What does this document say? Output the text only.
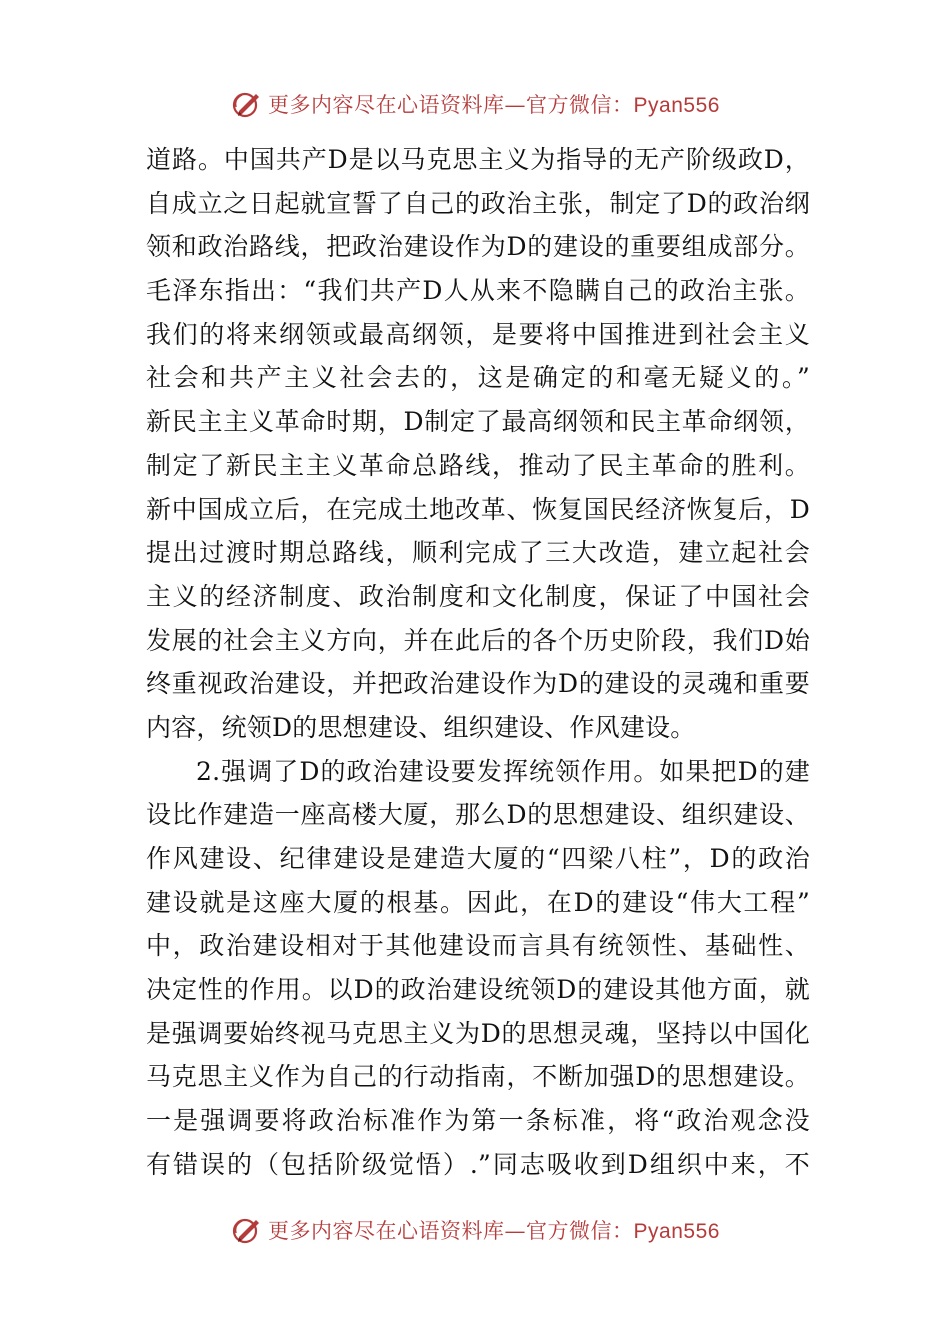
更多内容尽在心语资料库—官方微信：Pyan556
道路。中国共产D是以马克思主义为指导的无产阶级政D，
自成立之日起就宣誓了自己的政治主张，制定了D的政治纲
领和政治路线，把政治建设作为D的建设的重要组成部分。
毛泽东指出：“我们共产D人从来不隐瞒自己的政治主张。
我们的将来纲领或最高纲领，是要将中国推进到社会主义
社会和共产主义社会去的，这是确定的和毫无疑义的。”
新民主主义革命时期，D制定了最高纲领和民主革命纲领，
制定了新民主主义革命总路线，推动了民主革命的胜利。
新中国成立后，在完成土地改革、恢复国民经济恢复后，D
提出过渡时期总路线，顺利完成了三大改造，建立起社会
主义的经济制度、政治制度和文化制度，保证了中国社会
发展的社会主义方向，并在此后的各个历史阶段，我们D始
终重视政治建设，并把政治建设作为D的建设的灵魂和重要
内容，统领D的思想建设、组织建设、作风建设。
2.强调了D的政治建设要发挥统领作用。如果把D的建
设比作建造一座高楼大厦，那么D的思想建设、组织建设、
作风建设、纪律建设是建造大厦的“四梁八柱”，D的政治
建设就是这座大厦的根基。因此，在D的建设“伟大工程”
中，政治建设相对于其他建设而言具有统领性、基础性、
决定性的作用。以D的政治建设统领D的建设其他方面，就
是强调要始终视马克思主义为D的思想灵魂，坚持以中国化
马克思主义作为自己的行动指南，不断加强D的思想建设。
一是强调要将政治标准作为第一条标准，将“政治观念没
有错误的（包括阶级觉悟）.”同志吸收到D组织中来，不
更多内容尽在心语资料库—官方微信：Pyan556
